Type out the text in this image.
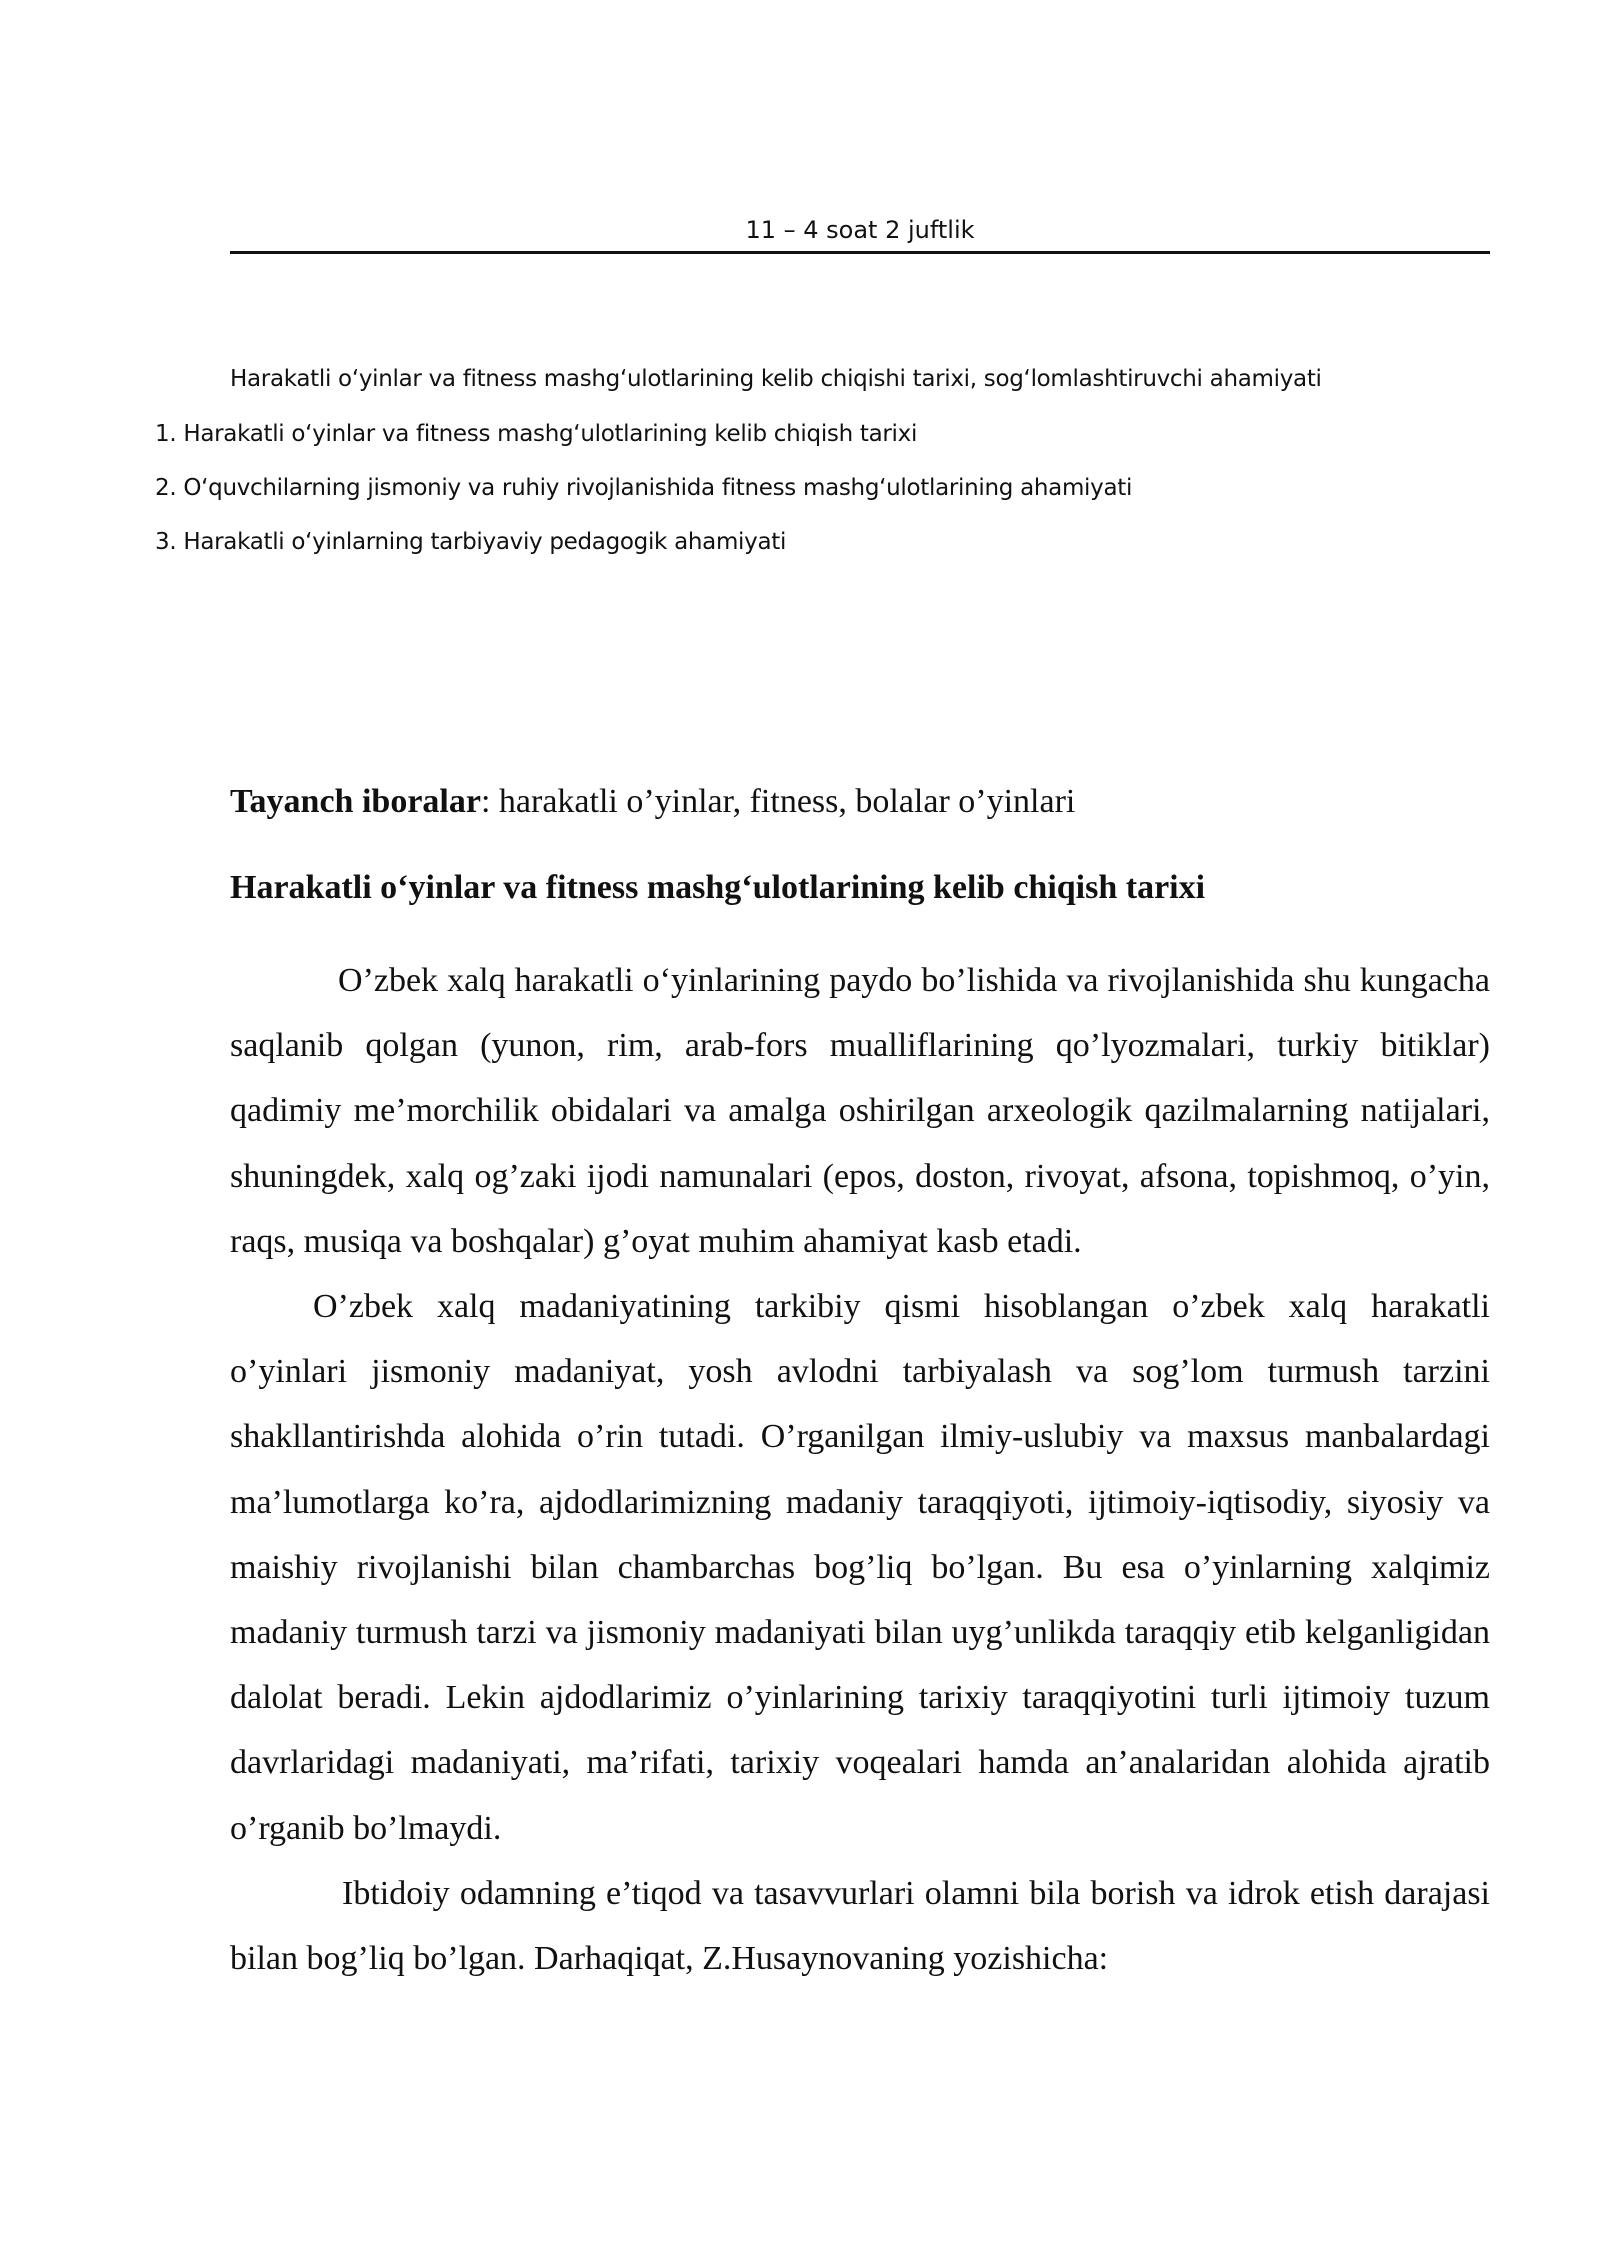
11 – 4 soat 2 juftlik
Harakatli o‘yinlar va fitness mashg‘ulotlarining kelib chiqishi tarixi, sog‘lomlashtiruvchi ahamiyati
1. Harakatli o‘yinlar va fitness mashg‘ulotlarining kelib chiqish tarixi
2. O‘quvchilarning jismoniy va ruhiy rivojlanishida fitness mashg‘ulotlarining ahamiyati
3. Harakatli o‘yinlarning tarbiyaviy pedagogik ahamiyati
Tayanch iboralar: harakatli o’yinlar, fitness, bolalar o’yinlari
Harakatli o‘yinlar va fitness mashg‘ulotlarining kelib chiqish tarixi

O’zbek xalq harakatli o‘yinlarining paydo bo’lishida va rivojlanishida shu kungacha saqlanib qolgan (yunon, rim, arab-fors mualliflarining qo’lyozmalari, turkiy bitiklar) qadimiy me’morchilik obidalari va amalga oshirilgan arxeologik qazilmalarning natijalari, shuningdek, xalq og’zaki ijodi namunalari (epos, doston, rivoyat, afsona, topishmoq, o’yin, raqs, musiqa va boshqalar) g’oyat muhim ahamiyat kasb etadi.

O’zbek xalq madaniyatining tarkibiy qismi hisoblangan o’zbek xalq harakatli o’yinlari jismoniy madaniyat, yosh avlodni tarbiyalash va sog’lom turmush tarzini shakllantirishda alohida o’rin tutadi. O’rganilgan ilmiy-uslubiy va maxsus manbalardagi ma’lumotlarga ko’ra, ajdodlarimizning madaniy taraqqiyoti, ijtimoiy-iqtisodiy, siyosiy va maishiy rivojlanishi bilan chambarchas bog’liq bo’lgan. Bu esa o’yinlarning xalqimiz madaniy turmush tarzi va jismoniy madaniyati bilan uyg’unlikda taraqqiy etib kelganligidan dalolat beradi. Lekin ajdodlarimiz o’yinlarining tarixiy taraqqiyotini turli ijtimoiy tuzum davrlaridagi madaniyati, ma’rifati, tarixiy voqealari hamda an’analaridan alohida ajratib o’rganib bo’lmaydi.

Ibtidoiy odamning e’tiqod va tasavvurlari olamni bila borish va idrok etish darajasi bilan bog’liq bo’lgan. Darhaqiqat, Z.Husaynovaning yozishicha:
